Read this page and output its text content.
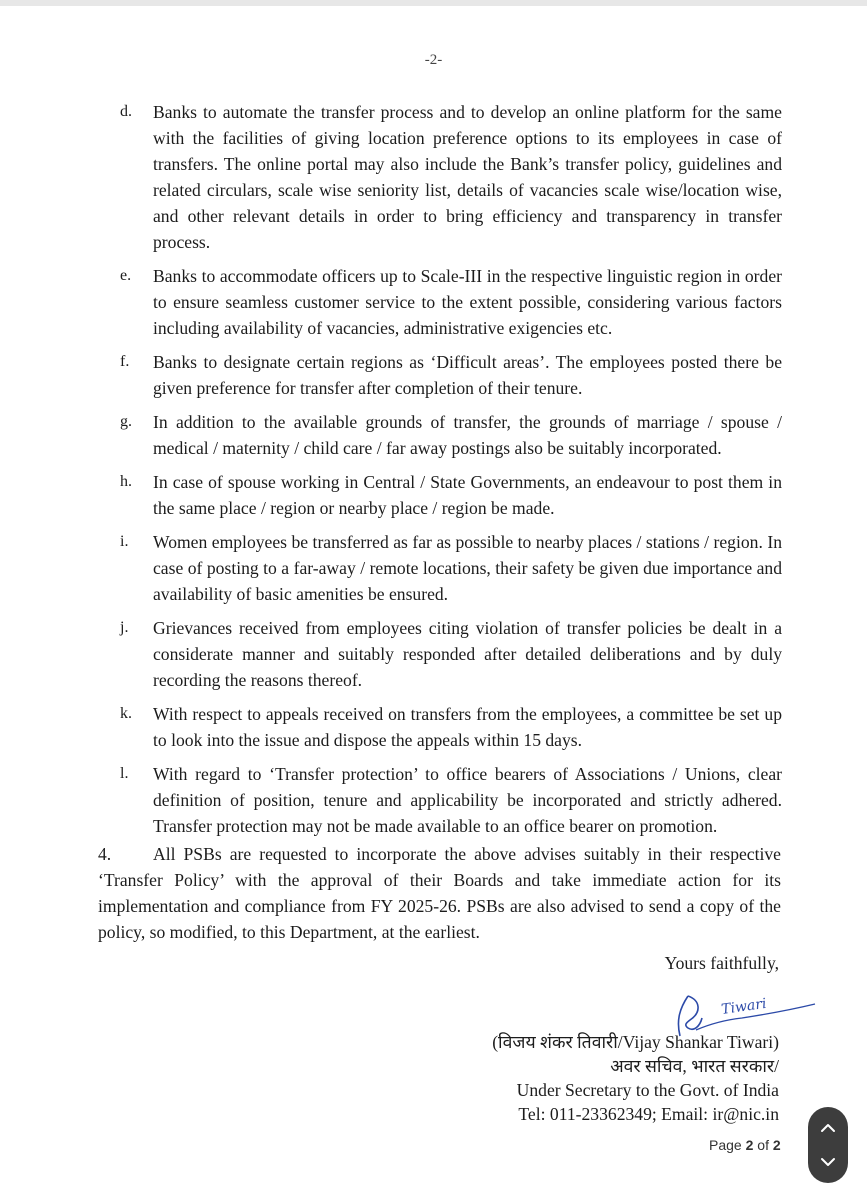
-2-
d. Banks to automate the transfer process and to develop an online platform for the same with the facilities of giving location preference options to its employees in case of transfers. The online portal may also include the Bank’s transfer policy, guidelines and related circulars, scale wise seniority list, details of vacancies scale wise/location wise, and other relevant details in order to bring efficiency and transparency in transfer process.
e. Banks to accommodate officers up to Scale-III in the respective linguistic region in order to ensure seamless customer service to the extent possible, considering various factors including availability of vacancies, administrative exigencies etc.
f. Banks to designate certain regions as ‘Difficult areas’. The employees posted there be given preference for transfer after completion of their tenure.
g. In addition to the available grounds of transfer, the grounds of marriage / spouse / medical / maternity / child care / far away postings also be suitably incorporated.
h. In case of spouse working in Central / State Governments, an endeavour to post them in the same place / region or nearby place / region be made.
i. Women employees be transferred as far as possible to nearby places / stations / region. In case of posting to a far-away / remote locations, their safety be given due importance and availability of basic amenities be ensured.
j. Grievances received from employees citing violation of transfer policies be dealt in a considerate manner and suitably responded after detailed deliberations and by duly recording the reasons thereof.
k. With respect to appeals received on transfers from the employees, a committee be set up to look into the issue and dispose the appeals within 15 days.
l. With regard to ‘Transfer protection’ to office bearers of Associations / Unions, clear definition of position, tenure and applicability be incorporated and strictly adhered. Transfer protection may not be made available to an office bearer on promotion.

4. All PSBs are requested to incorporate the above advises suitably in their respective ‘Transfer Policy’ with the approval of their Boards and take immediate action for its implementation and compliance from FY 2025-26. PSBs are also advised to send a copy of the policy, so modified, to this Department, at the earliest.

Yours faithfully,
Tiwari
(विजय शंकर तिवारी/Vijay Shankar Tiwari)
अवर सचिव, भारत सरकार/
Under Secretary to the Govt. of India
Tel: 011-23362349; Email: ir@nic.in
Page 2 of 2
